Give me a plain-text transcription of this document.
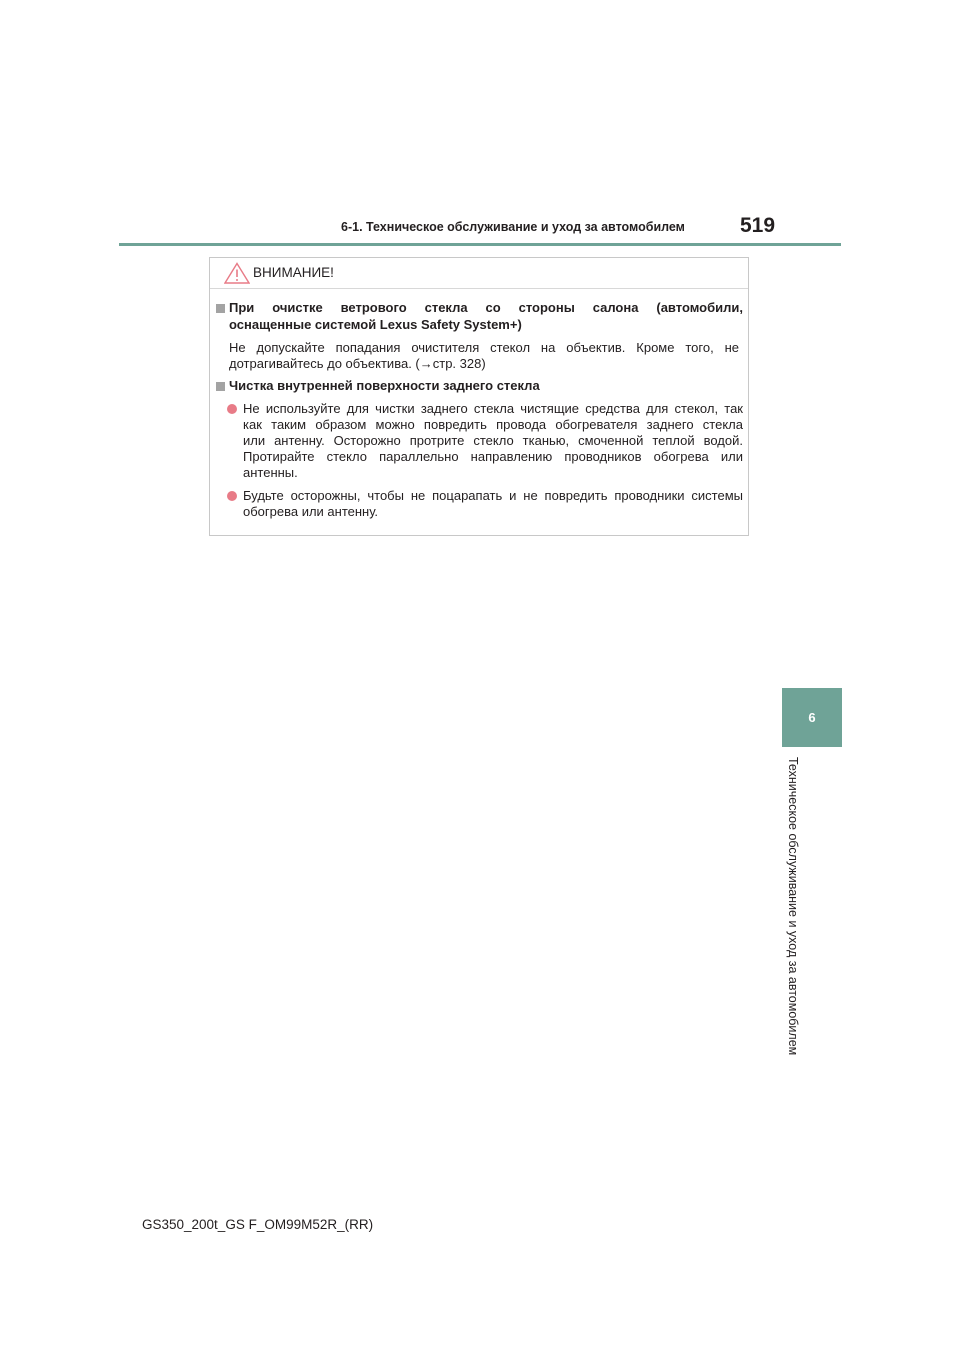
6-1. Техническое обслуживание и уход за автомобилем	519
ВНИМАНИЕ!
При очистке ветрового стекла со стороны салона (автомобили,
оснащенные системой Lexus Safety System+)
Не допускайте попадания очистителя стекол на объектив. Кроме того, не
дотрагивайтесь до объектива. (→стр. 328)
Чистка внутренней поверхности заднего стекла
Не используйте для чистки заднего стекла чистящие средства для стекол, так
как таким образом можно повредить провода обогревателя заднего стекла
или антенну. Осторожно протрите стекло тканью, смоченной теплой водой.
Протирайте стекло параллельно направлению проводников обогрева или
антенны.
Будьте осторожны, чтобы не поцарапать и не повредить проводники системы
обогрева или антенну.
6
Техническое обслуживание и уход за автомобилем
GS350_200t_GS F_OM99M52R_(RR)
